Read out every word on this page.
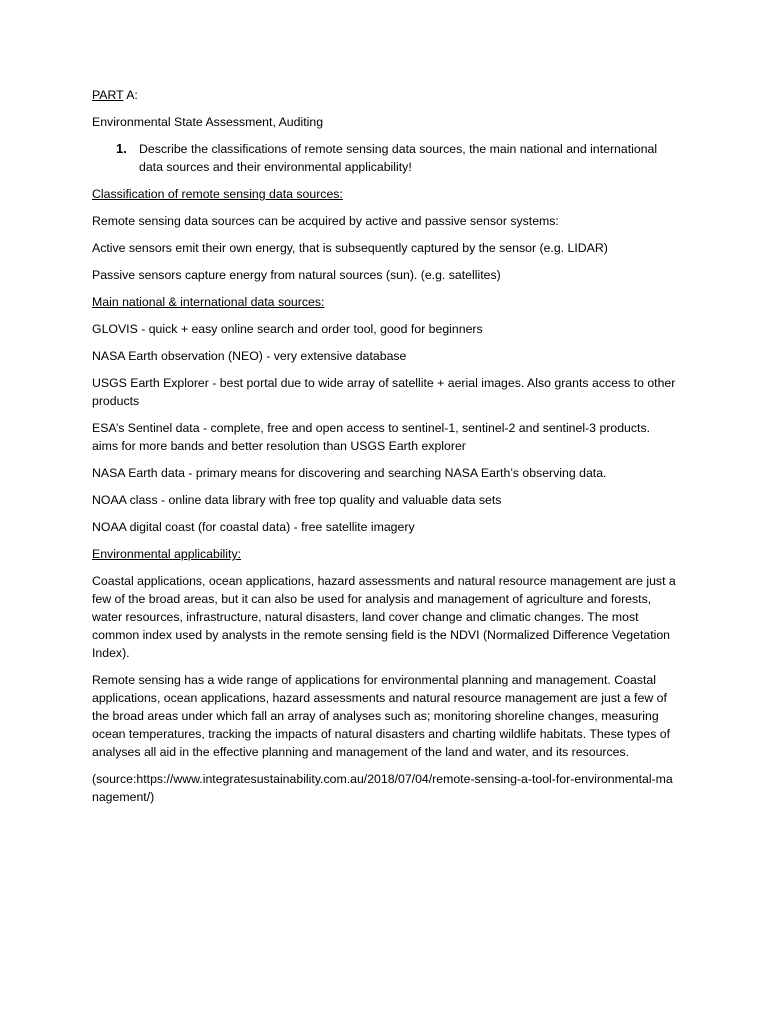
PART A:

Environmental State Assessment, Auditing

1. Describe the classifications of remote sensing data sources, the main national and international data sources and their environmental applicability!

Classification of remote sensing data sources:

Remote sensing data sources can be acquired by active and passive sensor systems:

Active sensors emit their own energy, that is subsequently captured by the sensor (e.g. LIDAR)

Passive sensors capture energy from natural sources (sun). (e.g. satellites)

Main national & international data sources:

GLOVIS - quick + easy online search and order tool, good for beginners

NASA Earth observation (NEO) - very extensive database

USGS Earth Explorer - best portal due to wide array of satellite + aerial images. Also grants access to other products

ESA’s Sentinel data - complete, free and open access to sentinel-1, sentinel-2 and sentinel-3 products. aims for more bands and better resolution than USGS Earth explorer

NASA Earth data - primary means for discovering and searching NASA Earth’s observing data.

NOAA class - online data library with free top quality and valuable data sets

NOAA digital coast (for coastal data) - free satellite imagery

Environmental applicability:

Coastal applications, ocean applications, hazard assessments and natural resource management are just a few of the broad areas, but it can also be used for analysis and management of agriculture and forests, water resources, infrastructure, natural disasters, land cover change and climatic changes. The most common index used by analysts in the remote sensing field is the NDVI (Normalized Difference Vegetation Index).

Remote sensing has a wide range of applications for environmental planning and management. Coastal applications, ocean applications, hazard assessments and natural resource management are just a few of the broad areas under which fall an array of analyses such as; monitoring shoreline changes, measuring ocean temperatures, tracking the impacts of natural disasters and charting wildlife habitats. These types of analyses all aid in the effective planning and management of the land and water, and its resources.

(source:https://www.integratesustainability.com.au/2018/07/04/remote-sensing-a-tool-for-environmental-management/)
